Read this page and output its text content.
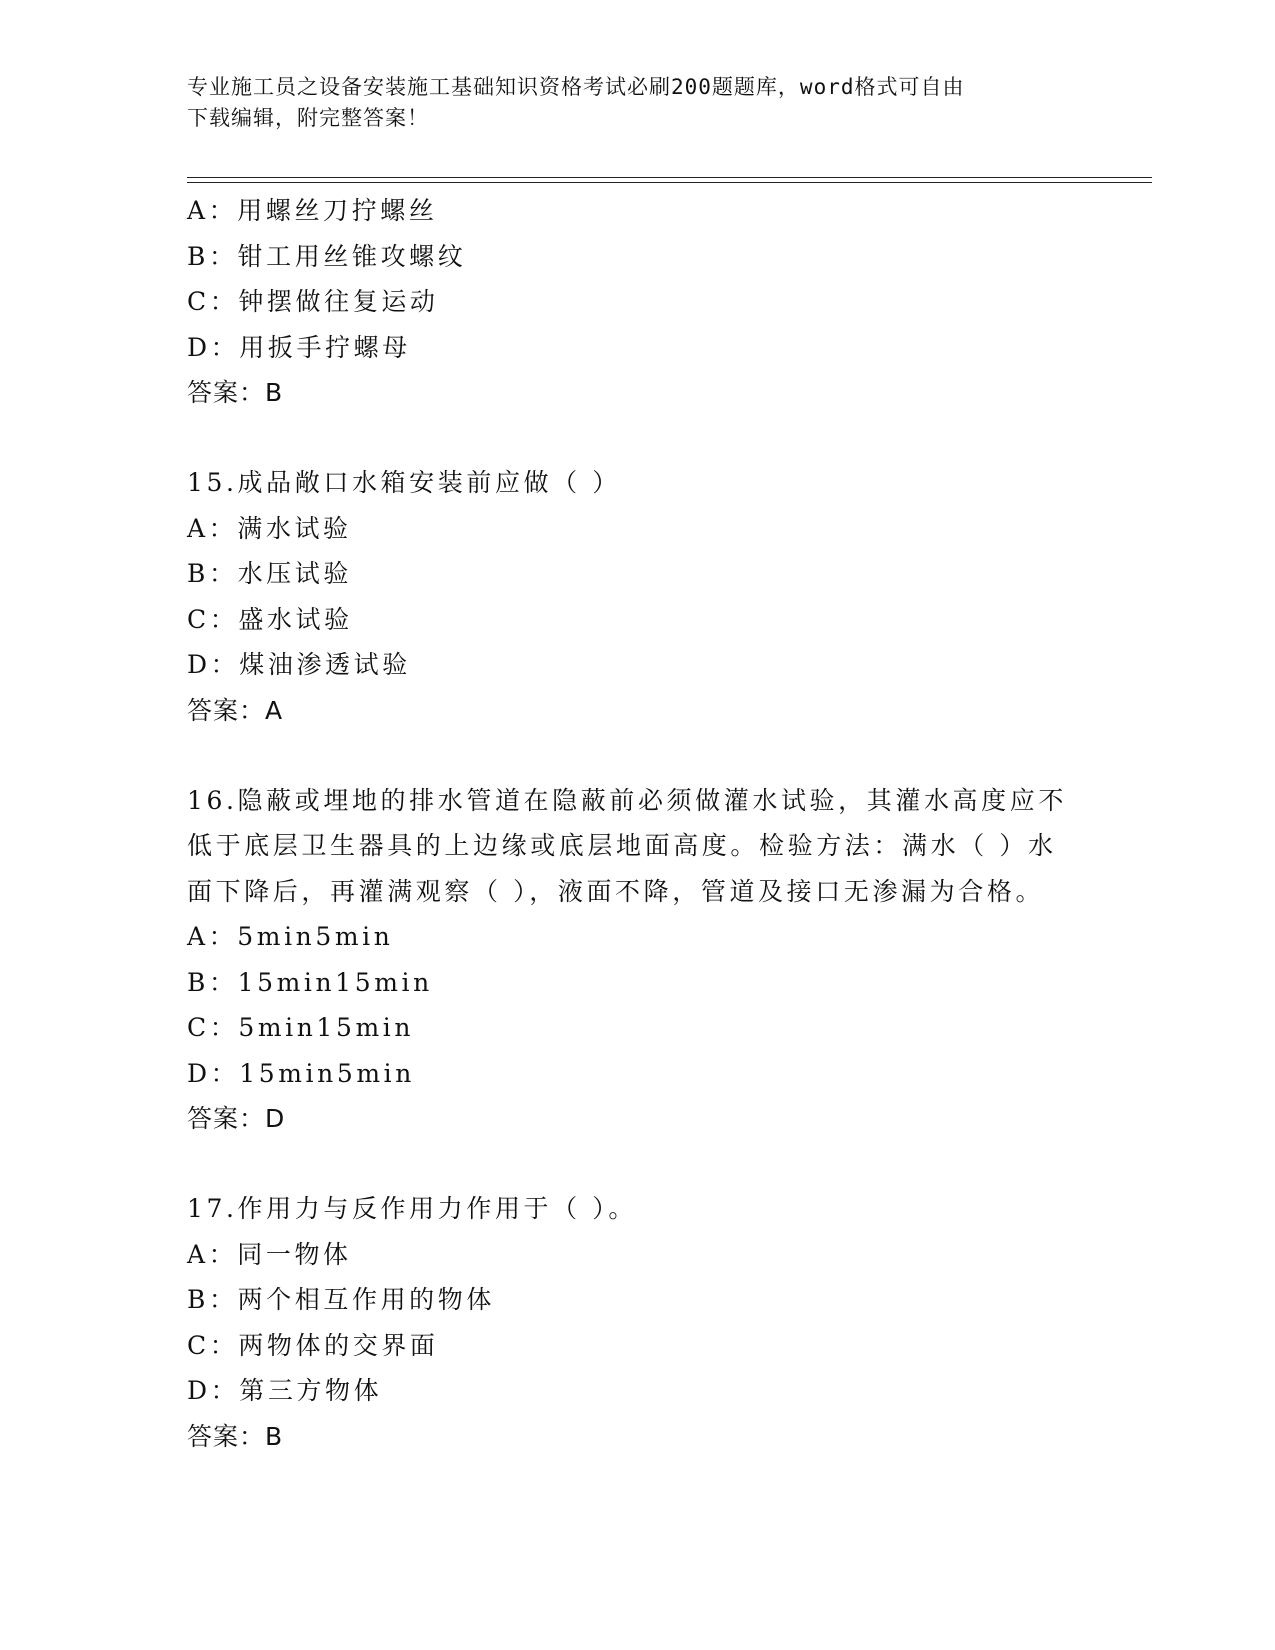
专业施工员之设备安装施工基础知识资格考试必刷200题题库，word格式可自由
下载编辑，附完整答案！
A：用螺丝刀拧螺丝
B：钳工用丝锥攻螺纹
C：钟摆做往复运动
D：用扳手拧螺母
答案：B
15.成品敞口水箱安装前应做（ ）
A：满水试验
B：水压试验
C：盛水试验
D：煤油渗透试验
答案：A
16.隐蔽或埋地的排水管道在隐蔽前必须做灌水试验，其灌水高度应不
低于底层卫生器具的上边缘或底层地面高度。检验方法：满水（ ）水
面下降后，再灌满观察（ ），液面不降，管道及接口无渗漏为合格。
A：5min5min
B：15min15min
C：5min15min
D：15min5min
答案：D
17.作用力与反作用力作用于（ ）。
A：同一物体
B：两个相互作用的物体
C：两物体的交界面
D：第三方物体
答案：B
